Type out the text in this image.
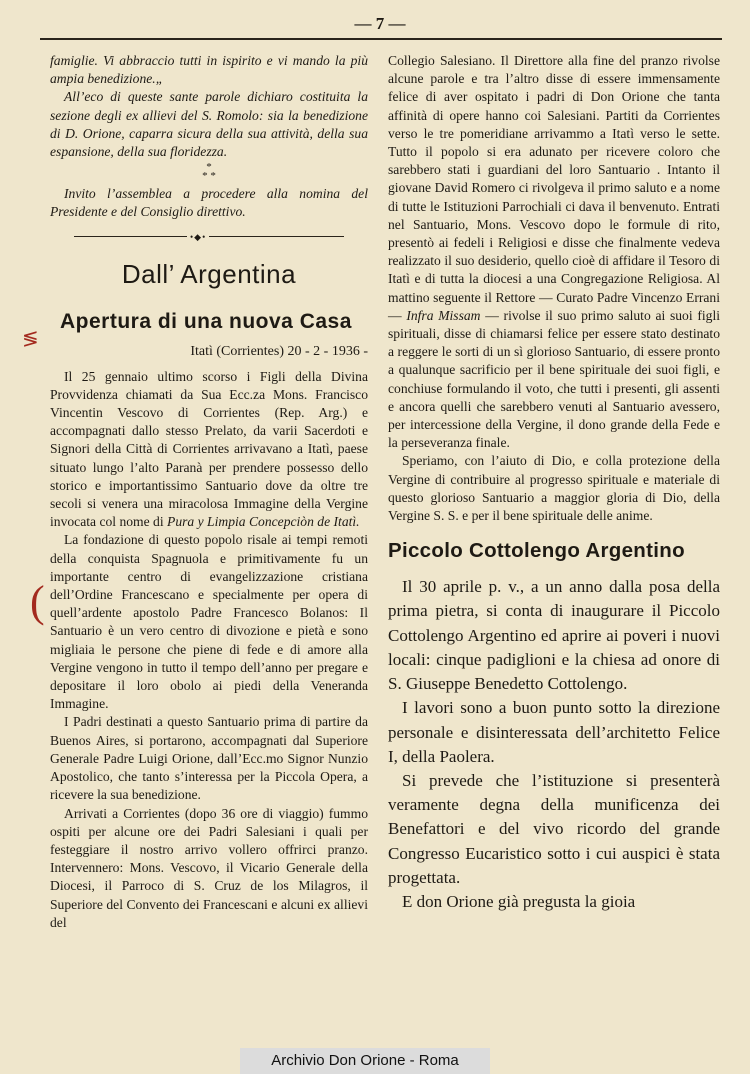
— 7 —

famiglie. Vi abbraccio tutti in ispirito e vi mando la più ampia benedizione.„

All’eco di queste sante parole dichiaro costituita la sezione degli ex allievi del S. Romolo: sia la benedizione di D. Orione, caparra sicura della sua attività, della sua espansione, della sua floridezza.

*
* *

Invito l’assemblea a procedere alla nomina del Presidente e del Consiglio direttivo.

•◆•
Dall’ Argentina
Apertura di una nuova Casa
Itatì (Corrientes) 20 - 2 - 1936 -

Il 25 gennaio ultimo scorso i Figli della Divina Provvidenza chiamati da Sua Ecc.za Mons. Francisco Vincentin Vescovo di Corrientes (Rep. Arg.) e accompagnati dallo stesso Prelato, da varii Sacerdoti e Signori della Città di Corrientes arrivavano a Itatì, paese situato lungo l’alto Paranà per prendere possesso dello storico e importantissimo Santuario dove da oltre tre secoli si venera una miracolosa Immagine della Vergine invocata col nome di Pura y Limpia Concepciòn de Itatì.

La fondazione di questo popolo risale ai tempi remoti della conquista Spagnuola e primitivamente fu un importante centro di evangelizzazione cristiana dell’Ordine Francescano e specialmente per opera di quell’ardente apostolo Padre Francesco Bolanos: Il Santuario è un vero centro di divozione e pietà e sono migliaia le persone che piene di fede e di amore alla Vergine vengono in tutto il tempo dell’anno per pregare e depositare il loro obolo ai piedi della Veneranda Immagine.

I Padri destinati a questo Santuario prima di partire da Buenos Aires, si portarono, accompagnati dal Superiore Generale Padre Luigi Orione, dall’Ecc.mo Signor Nunzio Apostolico, che tanto s’interessa per la Piccola Opera, a ricevere la sua benedizione.

Arrivati a Corrientes (dopo 36 ore di viaggio) fummo ospiti per alcune ore dei Padri Salesiani i quali per festeggiare il nostro arrivo vollero offrirci pranzo. Intervennero: Mons. Vescovo, il Vicario Generale della Diocesi, il Parroco di S. Cruz de los Milagros, il Superiore del Convento dei Francescani e alcuni ex allievi del

Collegio Salesiano. Il Direttore alla fine del pranzo rivolse alcune parole e tra l’altro disse di essere immensamente felice di aver ospitato i padri di Don Orione che tanta affinità di opere hanno coi Salesiani. Partiti da Corrientes verso le tre pomeridiane arrivammo a Itatì verso le sette. Tutto il popolo si era adunato per ricevere coloro che sarebbero stati i guardiani del loro Santuario . Intanto il giovane David Romero ci rivolgeva il primo saluto e a nome di tutte le Istituzioni Parrochiali ci dava il benvenuto. Entrati nel Santuario, Mons. Vescovo dopo le formule di rito, presentò ai fedeli i Religiosi e disse che finalmente vedeva realizzato il suo desiderio, quello cioè di affidare il Tesoro di Itatì e di tutta la diocesi a una Congregazione Religiosa. Al mattino seguente il Rettore — Curato Padre Vincenzo Errani — Infra Missam — rivolse il suo primo saluto ai suoi figli spirituali, disse di chiamarsi felice per essere stato destinato a reggere le sorti di un sì glorioso Santuario, di essere pronto a qualunque sacrificio per il bene spirituale dei suoi figli, e conchiuse formulando il voto, che tutti i presenti, gli assenti e ancora quelli che sarebbero venuti al Santuario avessero, per intercessione della Vergine, il dono grande della Fede e la perseveranza finale.

Speriamo, con l’aiuto di Dio, e colla protezione della Vergine di contribuire al progresso spirituale e materiale di questo glorioso Santuario a maggior gloria di Dio, della Vergine S. S. e per il bene spirituale delle anime.

Piccolo Cottolengo Argentino

Il 30 aprile p. v., a un anno dalla posa della prima pietra, si conta di inaugurare il Piccolo Cottolengo Argentino ed aprire ai poveri i nuovi locali: cinque padiglioni e la chiesa ad onore di S. Giuseppe Benedetto Cottolengo.

I lavori sono a buon punto sotto la direzione personale e disinteressata dell’architetto Felice I, della Paolera.

Si prevede che l’istituzione si presenterà veramente degna della munificenza dei Benefattori e del vivo ricordo del grande Congresso Eucaristico sotto i cui auspici è stata progettata.

E don Orione già pregusta la gioia

≶
(
Archivio Don Orione - Roma
